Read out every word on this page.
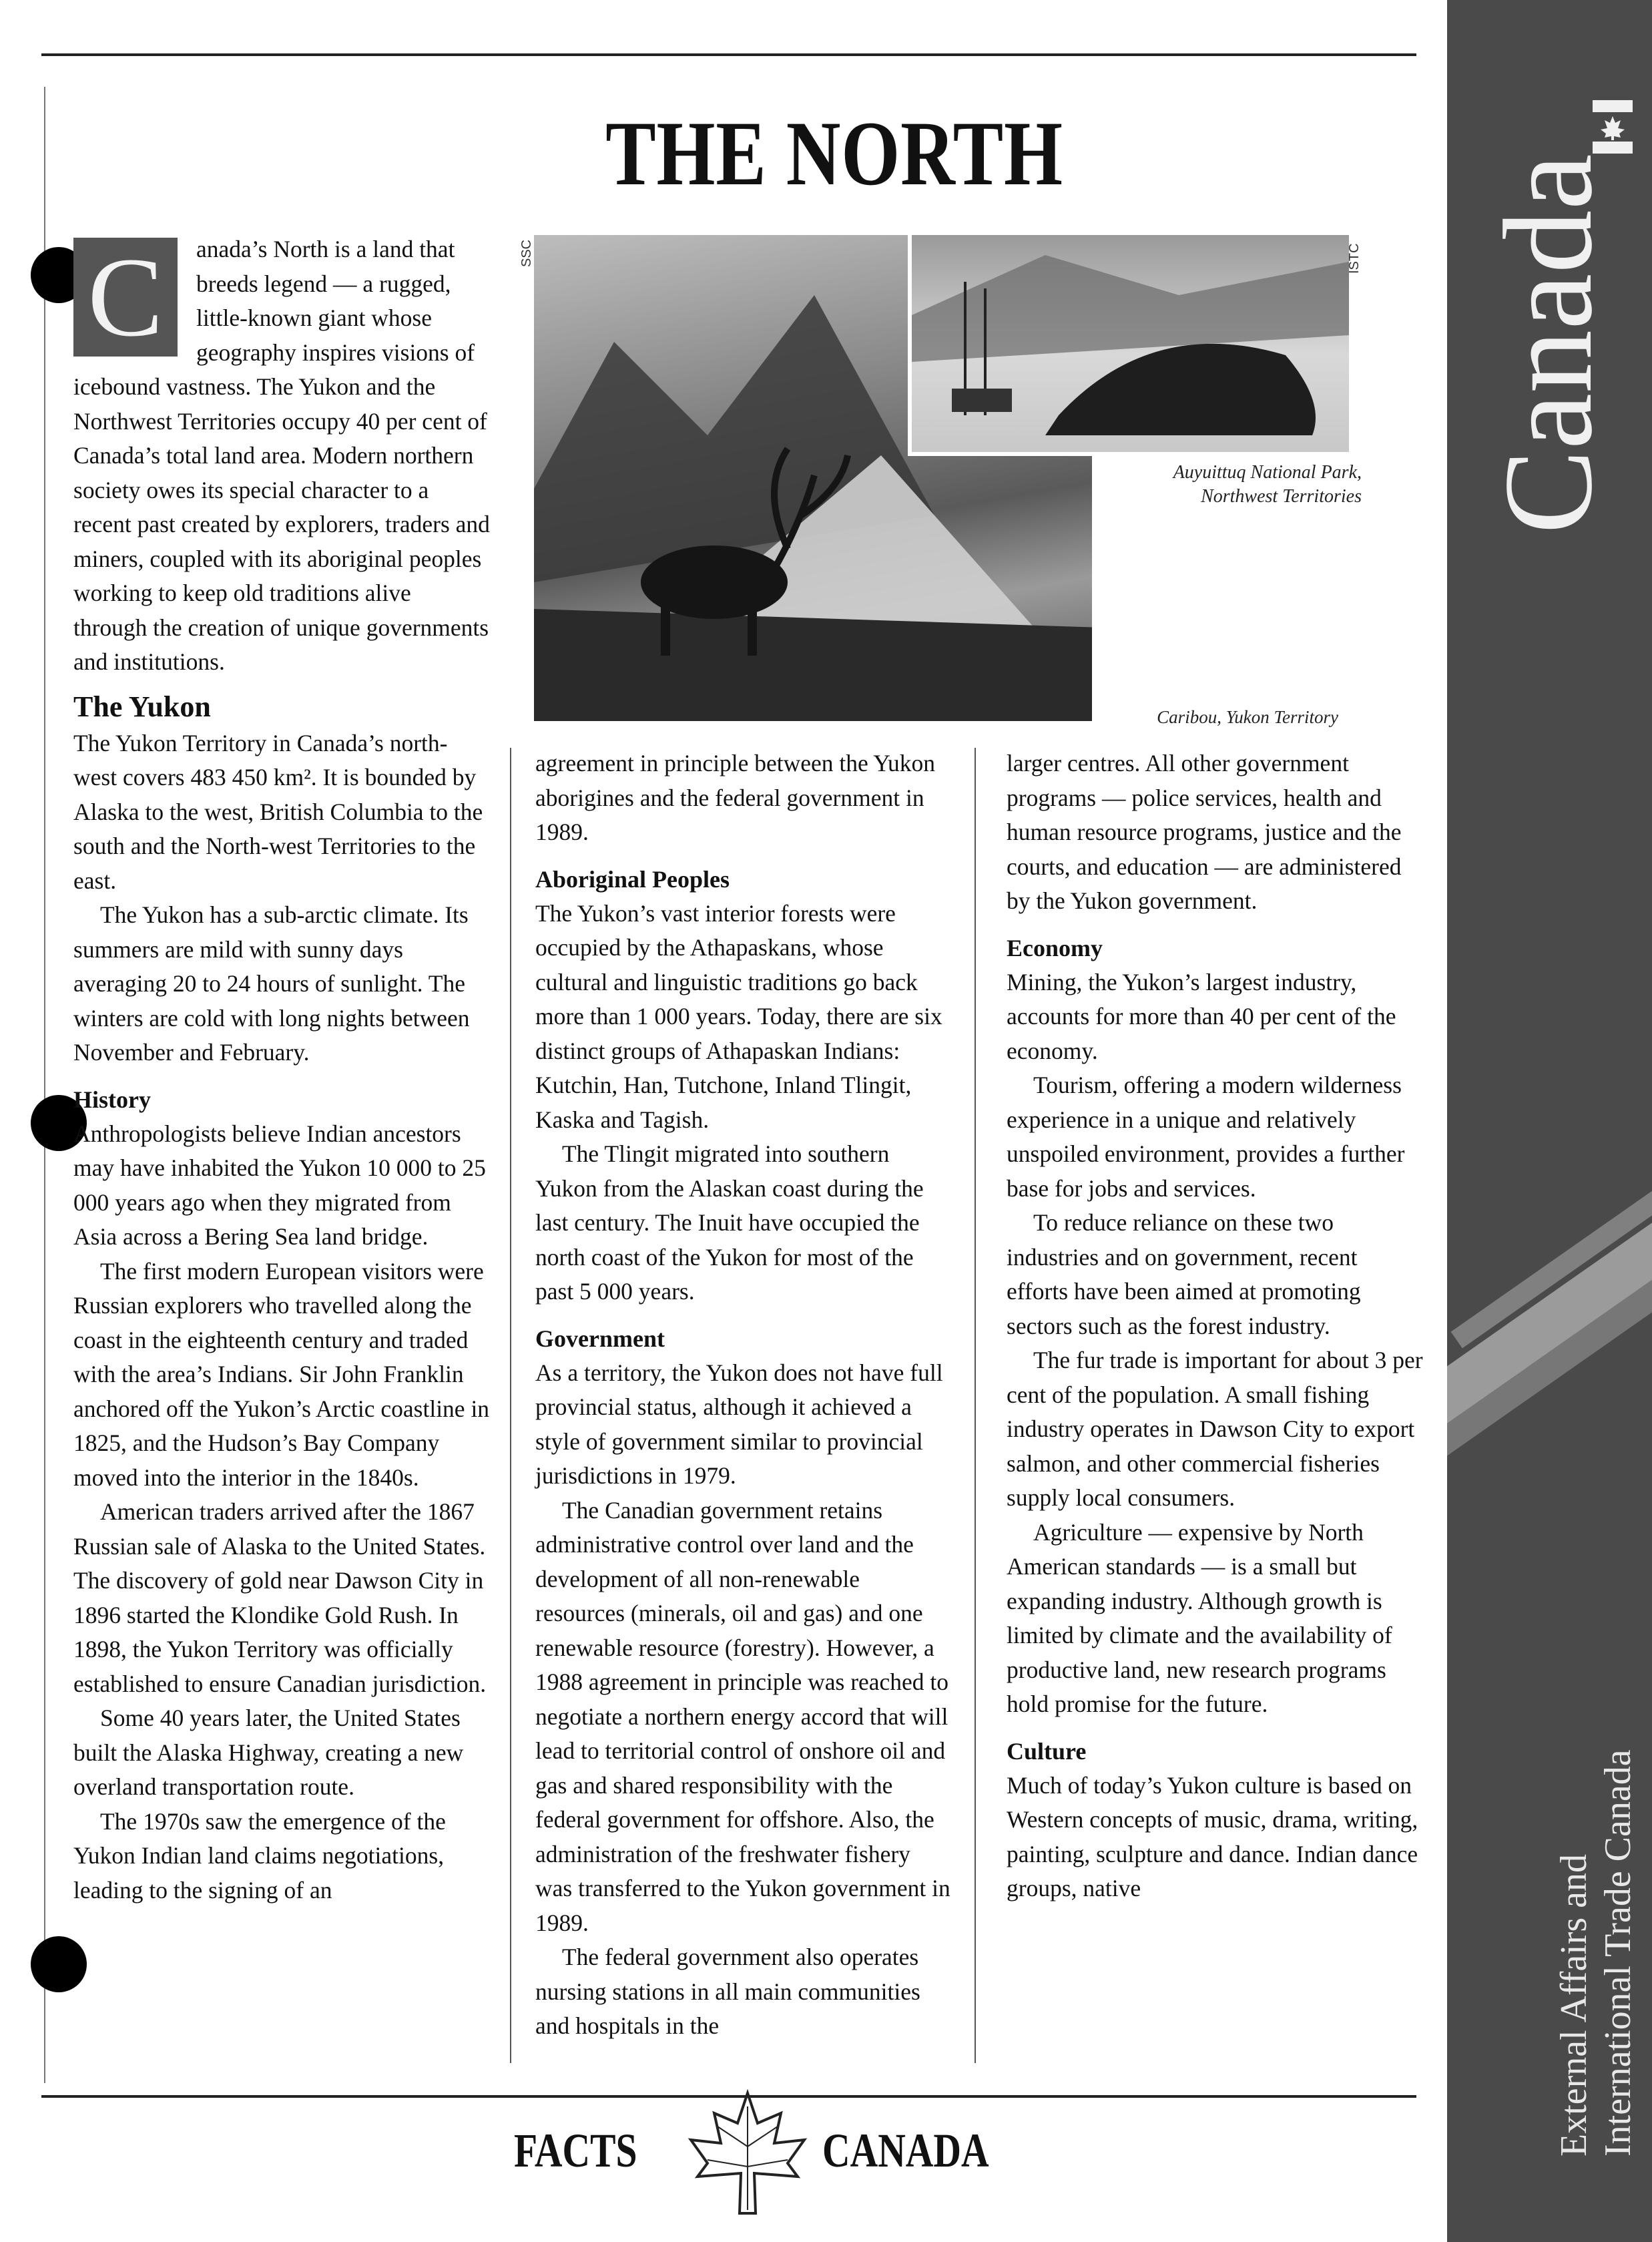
THE NORTH
SSC	ISTC
Auyuittuq National Park, Northwest Territories
Caribou, Yukon Territory
C	anada’s North is a land that breeds legend — a rugged, little-known giant whose geography inspires visions of icebound vastness. The Yukon and the Northwest Territories occupy 40 per cent of Canada’s total land area. Modern northern society owes its special character to a recent past created by explorers, traders and miners, coupled with its aboriginal peoples working to keep old traditions alive through the creation of unique governments and institutions.

The Yukon

The Yukon Territory in Canada’s north-west covers 483 450 km². It is bounded by Alaska to the west, British Columbia to the south and the North-west Territories to the east.

The Yukon has a sub-arctic climate. Its summers are mild with sunny days averaging 20 to 24 hours of sunlight. The winters are cold with long nights between November and February.

History

Anthropologists believe Indian ancestors may have inhabited the Yukon 10 000 to 25 000 years ago when they migrated from Asia across a Bering Sea land bridge.

The first modern European visitors were Russian explorers who travelled along the coast in the eighteenth century and traded with the area’s Indians. Sir John Franklin anchored off the Yukon’s Arctic coastline in 1825, and the Hudson’s Bay Company moved into the interior in the 1840s.

American traders arrived after the 1867 Russian sale of Alaska to the United States. The discovery of gold near Dawson City in 1896 started the Klondike Gold Rush. In 1898, the Yukon Territory was officially established to ensure Canadian jurisdiction.

Some 40 years later, the United States built the Alaska Highway, creating a new overland transportation route.

The 1970s saw the emergence of the Yukon Indian land claims negotiations, leading to the signing of an

agreement in principle between the Yukon aborigines and the federal government in 1989.

Aboriginal Peoples

The Yukon’s vast interior forests were occupied by the Athapaskans, whose cultural and linguistic traditions go back more than 1 000 years. Today, there are six distinct groups of Athapaskan Indians: Kutchin, Han, Tutchone, Inland Tlingit, Kaska and Tagish.

The Tlingit migrated into southern Yukon from the Alaskan coast during the last century. The Inuit have occupied the north coast of the Yukon for most of the past 5 000 years.

Government

As a territory, the Yukon does not have full provincial status, although it achieved a style of government similar to provincial jurisdictions in 1979.

The Canadian government retains administrative control over land and the development of all non-renewable resources (minerals, oil and gas) and one renewable resource (forestry). However, a 1988 agreement in principle was reached to negotiate a northern energy accord that will lead to territorial control of onshore oil and gas and shared responsibility with the federal government for offshore. Also, the administration of the freshwater fishery was transferred to the Yukon government in 1989.

The federal government also operates nursing stations in all main communities and hospitals in the

larger centres. All other government programs — police services, health and human resource programs, justice and the courts, and education — are administered by the Yukon government.

Economy

Mining, the Yukon’s largest industry, accounts for more than 40 per cent of the economy.

Tourism, offering a modern wilderness experience in a unique and relatively unspoiled environment, provides a further base for jobs and services.

To reduce reliance on these two industries and on government, recent efforts have been aimed at promoting sectors such as the forest industry.

The fur trade is important for about 3 per cent of the population. A small fishing industry operates in Dawson City to export salmon, and other commercial fisheries supply local consumers.

Agriculture — expensive by North American standards — is a small but expanding industry. Although growth is limited by climate and the availability of productive land, new research programs hold promise for the future.

Culture

Much of today’s Yukon culture is based on Western concepts of music, drama, writing, painting, sculpture and dance. Indian dance groups, native

FACTS	CANADA
Canada
External Affairs and International Trade Canada
